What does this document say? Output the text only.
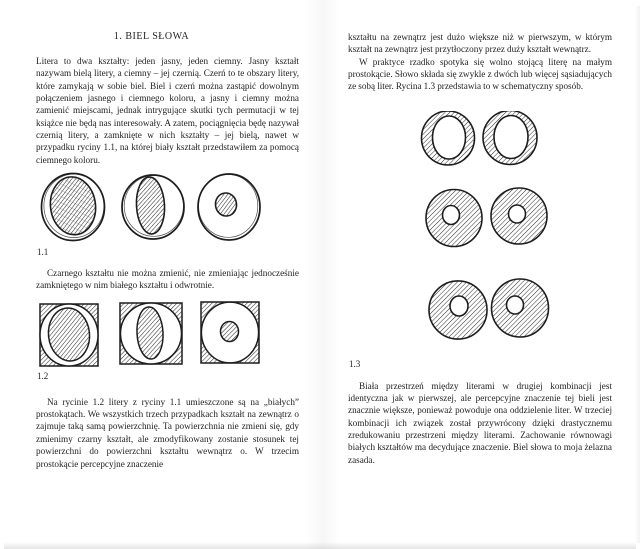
1. BIEL SŁOWA

Litera to dwa kształty: jeden jasny, jeden ciemny. Jasny kształt nazywam bielą litery, a ciemny – jej czernią. Czerń to te obszary litery, które zamykają w sobie biel. Biel i czerń można zastąpić dowolnym połączeniem jasnego i ciemnego koloru, a jasny i ciemny można zamienić miejscami, jednak intrygujące skutki tych permutacji w tej książce nie będą nas interesowały. A zatem, pociągnięcia będę nazywał czernią litery, a zamknięte w nich kształty – jej bielą, nawet w przypadku ryciny 1.1, na której biały kształt przedstawiłem za pomocą ciemnego koloru.

1.1

Czarnego kształtu nie można zmienić, nie zmieniając jednocześnie zamkniętego w nim białego kształtu i odwrotnie.

1.2

Na rycinie 1.2 litery z ryciny 1.1 umieszczone są na „białych” prostokątach. We wszystkich trzech przypadkach kształt na zewnątrz o zajmuje taką samą powierzchnię. Ta powierzchnia nie zmieni się, gdy zmienimy czarny kształt, ale zmodyfikowany zostanie stosunek tej powierzchni do powierzchni kształtu wewnątrz o. W trzecim prostokącie percepcyjne znaczenie

kształtu na zewnątrz jest dużo większe niż w pierwszym, w którym kształt na zewnątrz jest przytłoczony przez duży kształt wewnątrz.

W praktyce rzadko spotyka się wolno stojącą literę na małym prostokącie. Słowo składa się zwykle z dwóch lub więcej sąsiadujących ze sobą liter. Rycina 1.3 przedstawia to w schematyczny sposób.

1.3

Biała przestrzeń między literami w drugiej kombinacji jest identyczna jak w pierwszej, ale percepcyjne znaczenie tej bieli jest znacznie większe, ponieważ powoduje ona oddzielenie liter. W trzeciej kombinacji ich związek został przywrócony dzięki drastycznemu zredukowaniu przestrzeni między literami. Zachowanie równowagi białych kształtów ma decydujące znaczenie. Biel słowa to moja żelazna zasada.
